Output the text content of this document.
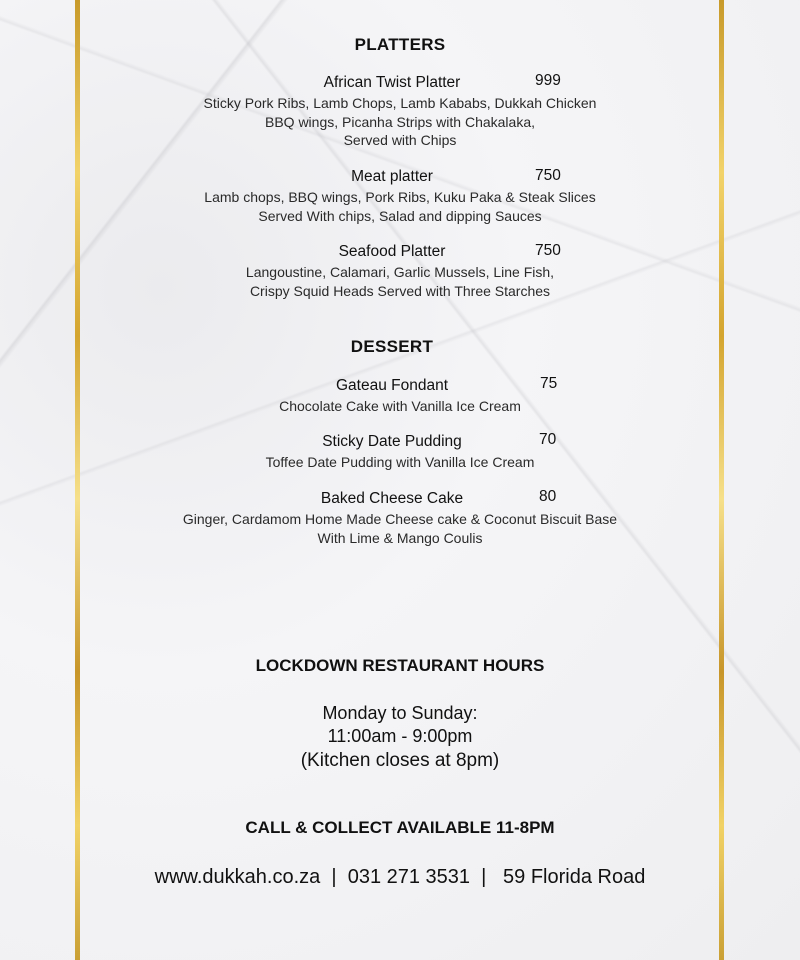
PLATTERS
African Twist Platter	999
Sticky Pork Ribs, Lamb Chops, Lamb Kababs, Dukkah Chicken
BBQ wings, Picanha Strips with Chakalaka,
Served with Chips
Meat platter	750
Lamb chops, BBQ wings, Pork Ribs, Kuku Paka & Steak Slices
Served With chips, Salad and dipping Sauces
Seafood Platter	750
Langoustine, Calamari, Garlic Mussels, Line Fish,
Crispy Squid Heads Served with Three Starches
DESSERT
Gateau Fondant	75
Chocolate Cake with Vanilla Ice Cream
Sticky Date Pudding	70
Toffee Date Pudding with Vanilla Ice Cream
Baked Cheese Cake	80
Ginger, Cardamom Home Made Cheese cake & Coconut Biscuit Base
With Lime & Mango Coulis
LOCKDOWN RESTAURANT HOURS
Monday to Sunday:
11:00am - 9:00pm
(Kitchen closes at 8pm)
CALL & COLLECT AVAILABLE 11-8PM
www.dukkah.co.za  |  031 271 3531  |   59 Florida Road
